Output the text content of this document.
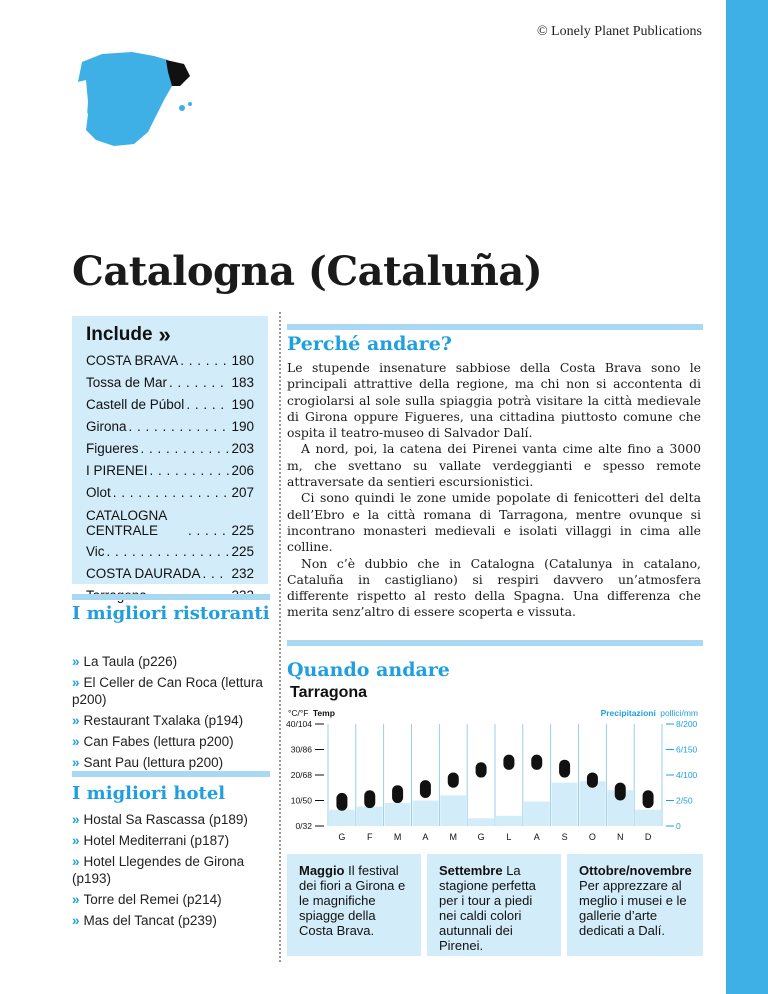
© Lonely Planet Publications
Catalogna (Cataluña)
Include »
COSTA BRAVA . . .	180
Tossa de Mar . . .	183
Castell de Púbol . . .	190
Girona . . .	190
Figueres . . .	203
I PIRENEI . . .	206
Olot . . .	207
CATALOGNA CENTRALE . . .	225
Vic . . .	225
COSTA DAURADA . . . 232
. . .
I migliori ristoranti
» La Taula (p226)
» El Celler de Can Roca (lettura p200)
» Restaurant Txalaka (p194)
» Can Fabes (lettura p200)
» Sant Pau (lettura p200)
I migliori hotel
» Hostal Sa Rascassa (p189)
» Hotel Mediterrani (p187)
» Hotel Llegendes de Girona (p193)
» Torre del Remei (p214)
» Mas del Tancat (p239)
Perché andare?

Le stupende insenature sabbiose della Costa Brava sono le principali attrattive della regione, ma chi non si accontenta di crogiolarsi al sole sulla spiaggia potrà visitare la città medievale di Girona oppure Figueres, una cittadina piuttosto comune che ospita il teatro-museo di Salvador Dalí.

A nord, poi, la catena dei Pirenei vanta cime alte fino a 3000 m, che svettano su vallate verdeggianti e spesso remote attraversate da sentieri escursionistici.

Ci sono quindi le zone umide popolate di fenicotteri del delta dell’Ebro e la città romana di Tarragona, mentre ovunque si incontrano monasteri medievali e isolati villaggi in cima alle colline.

Non c’è dubbio che in Catalogna (Catalunya in catalano, Cataluña in castigliano) si respiri davvero un’atmosfera differente rispetto al resto della Spagna. Una differenza che merita senz’altro di essere scoperta e vissuta.

Quando andare
Tarragona
40/104
30/86
20/68
10/50
0/32
8/200
6/150
4/100
2/50
0
G F M A M G L A S O N D
°C/°F Temp	Precipitazioni pollici/mm
Maggio Il festival dei fiori a Girona e le magnifiche spiagge della Costa Brava.
Settembre La stagione perfetta per i tour a piedi nei caldi colori autunnali dei Pirenei.
Ottobre/novembre Per apprezzare al meglio i musei e le gallerie d’arte dedicati a Dalí.
